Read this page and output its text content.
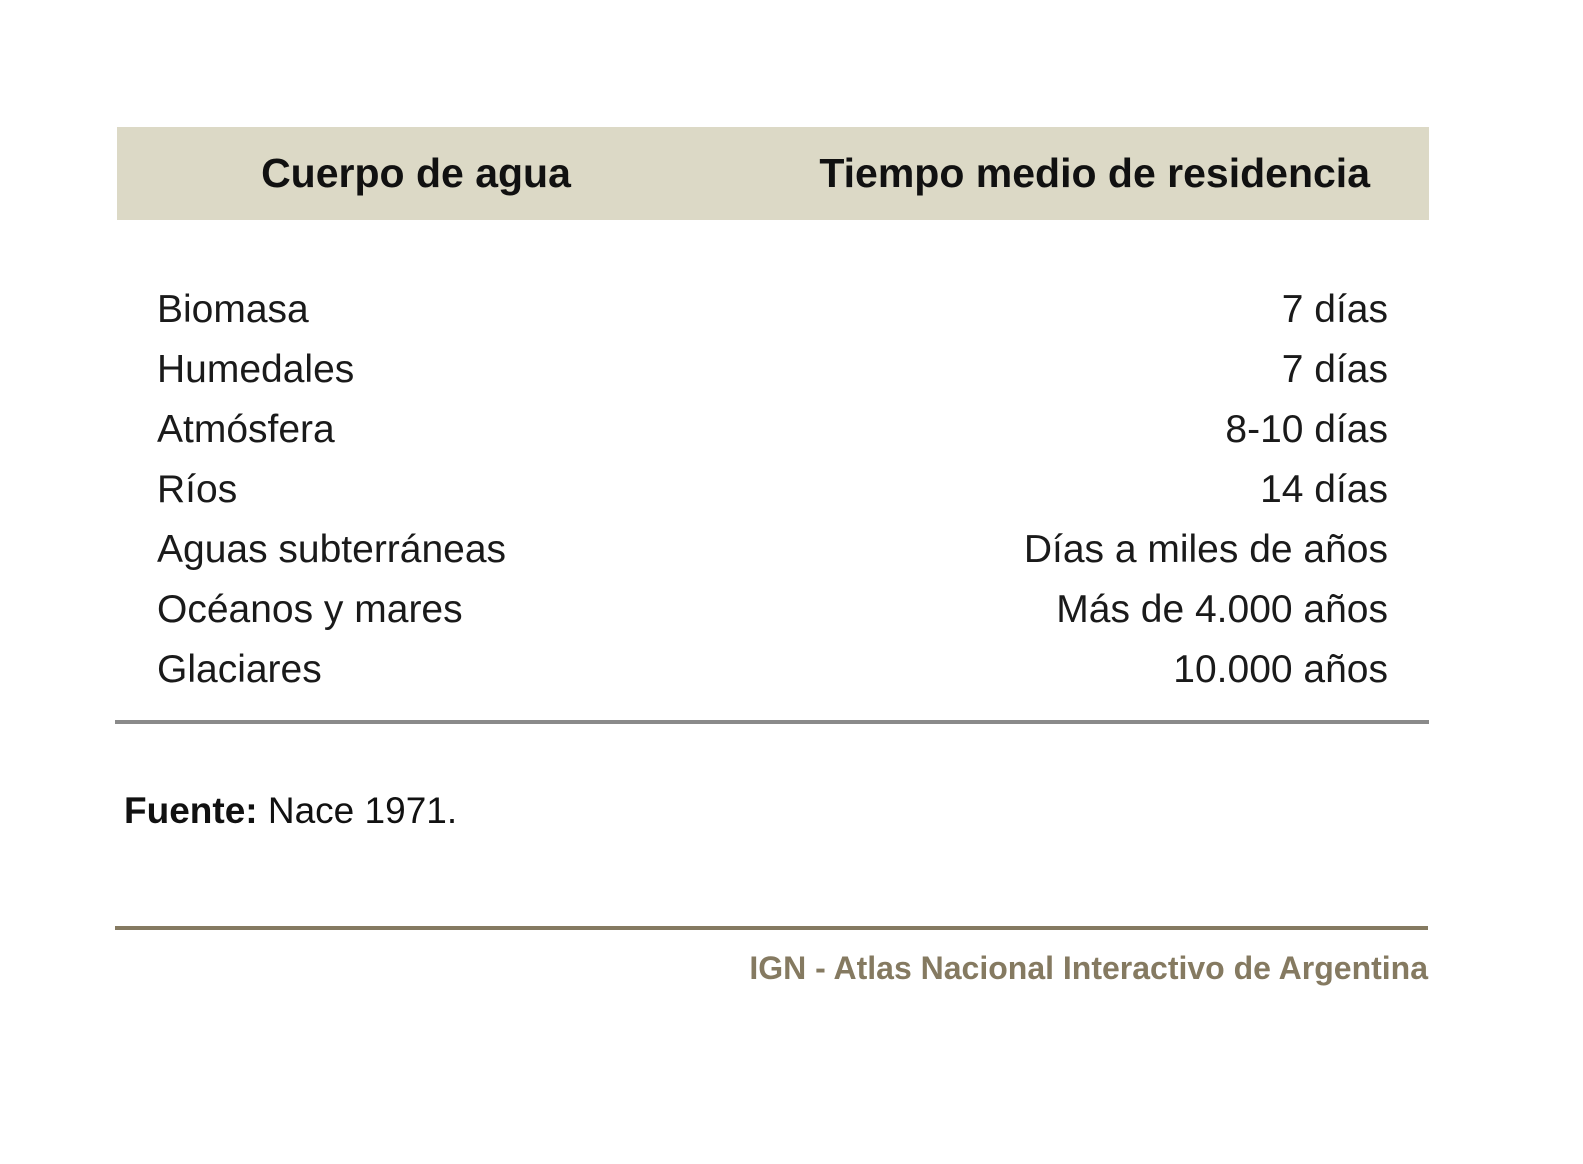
Cuerpo de agua	Tiempo medio de residencia
Biomasa	7 días
Humedales	7 días
Atmósfera	8-10 días
Ríos	14 días
Aguas subterráneas	Días a miles de años
Océanos y mares	Más de 4.000 años
Glaciares	10.000 años
Fuente: Nace 1971.
IGN - Atlas Nacional Interactivo de Argentina
